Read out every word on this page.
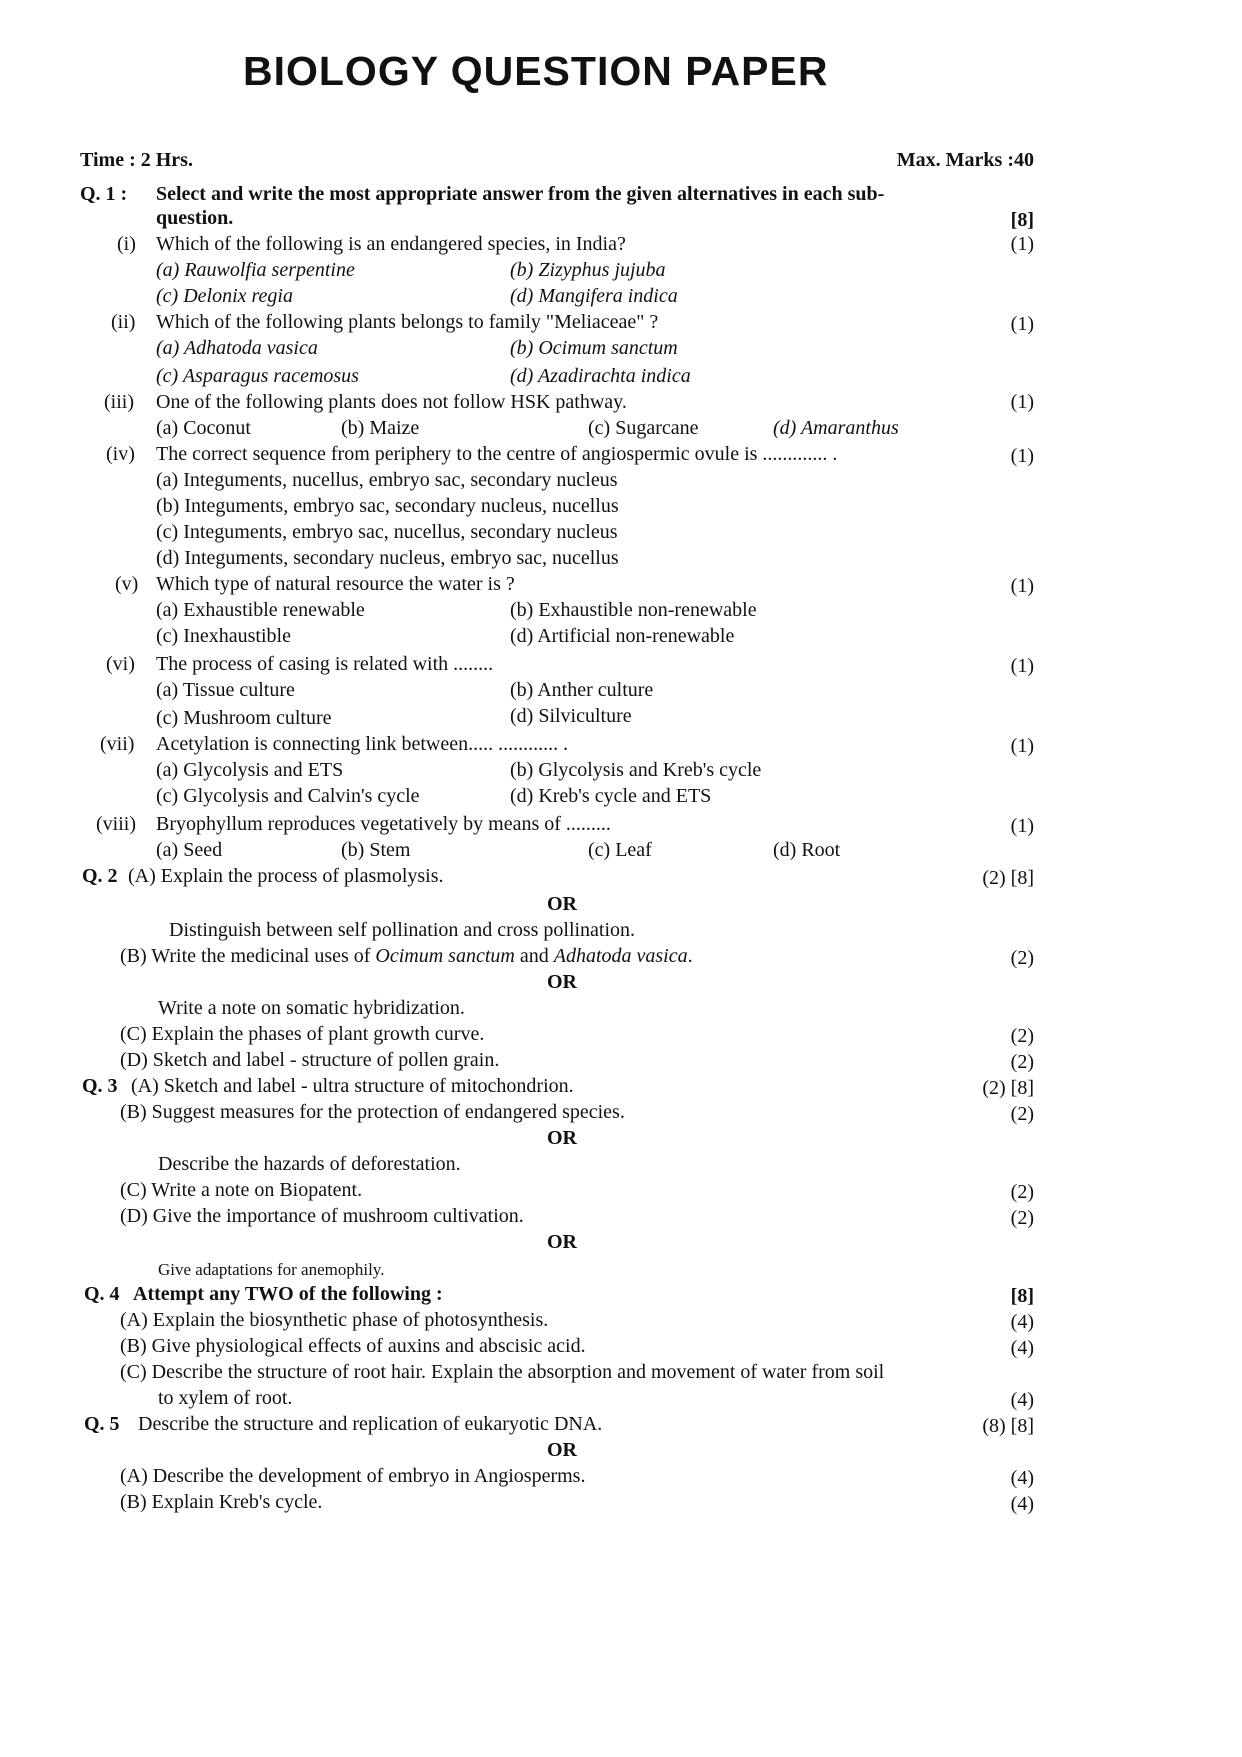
BIOLOGY QUESTION PAPER
Time : 2 Hrs.	Max. Marks :40
Q. 1 : Select and write the most appropriate answer from the given alternatives in each sub-
question.	[8]
(i) Which of the following is an endangered species, in India?	(1)
(a) Rauwolfia serpentine	(b) Zizyphus jujuba
(c) Delonix regia	(d) Mangifera indica
(ii) Which of the following plants belongs to family "Meliaceae" ?	(1)
(a) Adhatoda vasica	(b) Ocimum sanctum
(c) Asparagus racemosus	(d) Azadirachta indica
(iii) One of the following plants does not follow HSK pathway.	(1)
(a) Coconut	(b) Maize	(c) Sugarcane	(d) Amaranthus
(iv) The correct sequence from periphery to the centre of angiospermic ovule is ............. .	(1)
(a) Integuments, nucellus, embryo sac, secondary nucleus
(b) Integuments, embryo sac, secondary nucleus, nucellus
(c) Integuments, embryo sac, nucellus, secondary nucleus
(d) Integuments, secondary nucleus, embryo sac, nucellus
(v) Which type of natural resource the water is ?	(1)
(a) Exhaustible renewable	(b) Exhaustible non-renewable
(c) Inexhaustible	(d) Artificial non-renewable
(vi) The process of casing is related with ........	(1)
(a) Tissue culture	(b) Anther culture
(c) Mushroom culture	(d) Silviculture
(vii) Acetylation is connecting link between..... ............ .	(1)
(a) Glycolysis and ETS	(b) Glycolysis and Kreb's cycle
(c) Glycolysis and Calvin's cycle	(d) Kreb's cycle and ETS
(viii) Bryophyllum reproduces vegetatively by means of .........	(1)
(a) Seed	(b) Stem	(c) Leaf	(d) Root
Q. 2 (A) Explain the process of plasmolysis.	(2) [8]
OR
Distinguish between self pollination and cross pollination.
(B) Write the medicinal uses of Ocimum sanctum and Adhatoda vasica.	(2)
OR
Write a note on somatic hybridization.
(C) Explain the phases of plant growth curve.	(2)
(D) Sketch and label - structure of pollen grain.	(2)
Q. 3 (A) Sketch and label - ultra structure of mitochondrion.	(2) [8]
(B) Suggest measures for the protection of endangered species.	(2)
OR
Describe the hazards of deforestation.
(C) Write a note on Biopatent.	(2)
(D) Give the importance of mushroom cultivation.	(2)
OR
Give adaptations for anemophily.
Q. 4 Attempt any TWO of the following :	[8]
(A) Explain the biosynthetic phase of photosynthesis.	(4)
(B) Give physiological effects of auxins and abscisic acid.	(4)
(C) Describe the structure of root hair. Explain the absorption and movement of water from soil
to xylem of root.	(4)
Q. 5 Describe the structure and replication of eukaryotic DNA.	(8) [8]
OR
(A) Describe the development of embryo in Angiosperms.	(4)
(B) Explain Kreb's cycle.	(4)
